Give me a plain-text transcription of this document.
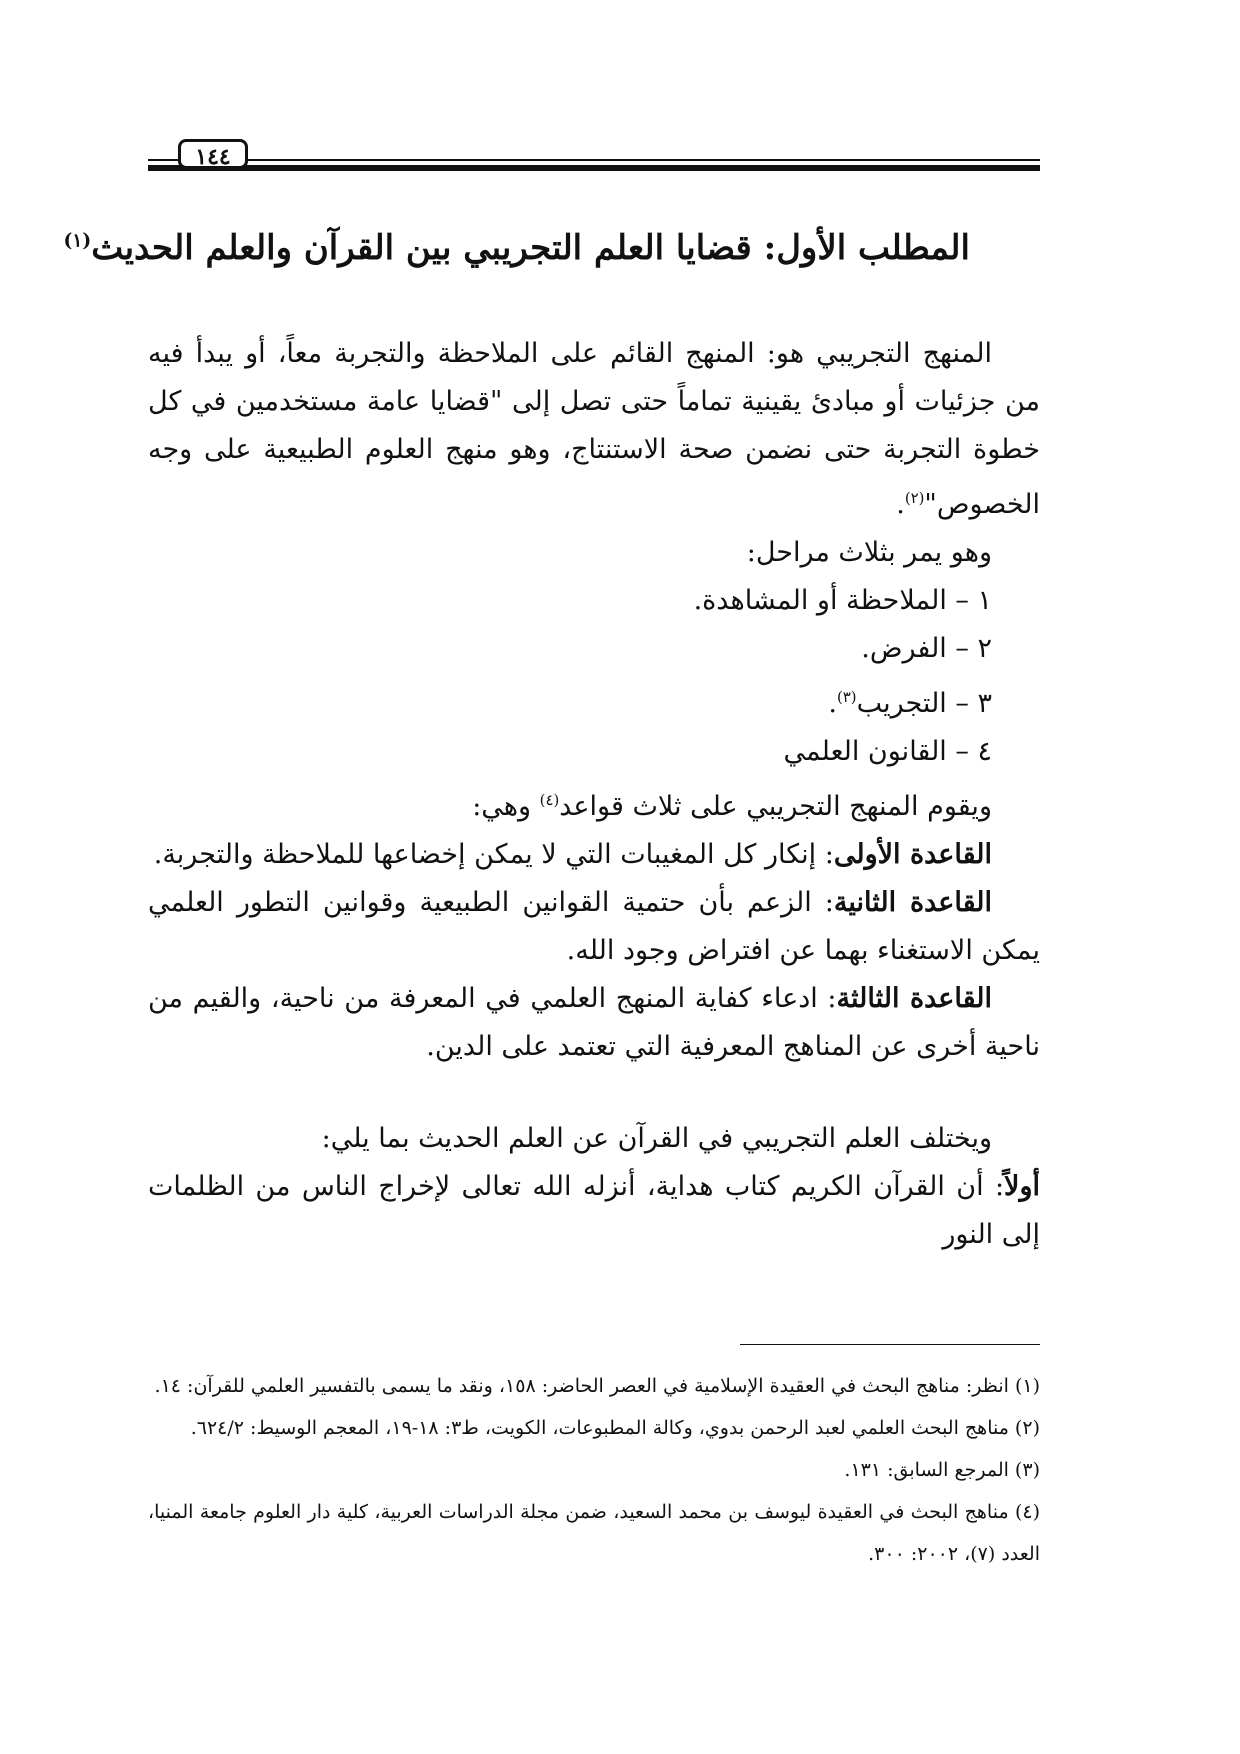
١٤٤
المطلب الأول: قضايا العلم التجريبي بين القرآن والعلم الحديث$^{(١)}$

المنهج التجريبي هو: المنهج القائم على الملاحظة والتجربة معاً، أو يبدأ فيه من جزئيات أو مبادئ يقينية تماماً حتى تصل إلى "قضايا عامة مستخدمين في كل خطوة التجربة حتى نضمن صحة الاستنتاج، وهو منهج العلوم الطبيعية على وجه الخصوص"$^{(٢)}$.

وهو يمر بثلاث مراحل:

١ – الملاحظة أو المشاهدة.

٢ – الفرض.

٣ – التجريب$^{(٣)}$.

٤ – القانون العلمي

ويقوم المنهج التجريبي على ثلاث قواعد$^{(٤)}$ وهي:

القاعدة الأولى: إنكار كل المغيبات التي لا يمكن إخضاعها للملاحظة والتجربة.

القاعدة الثانية: الزعم بأن حتمية القوانين الطبيعية وقوانين التطور العلمي يمكن الاستغناء بهما عن افتراض وجود الله.

القاعدة الثالثة: ادعاء كفاية المنهج العلمي في المعرفة من ناحية، والقيم من ناحية أخرى عن المناهج المعرفية التي تعتمد على الدين.

ويختلف العلم التجريبي في القرآن عن العلم الحديث بما يلي:

أولاً: أن القرآن الكريم كتاب هداية، أنزله الله تعالى لإخراج الناس من الظلمات إلى النور

(١) انظر: مناهج البحث في العقيدة الإسلامية في العصر الحاضر: ١٥٨، ونقد ما يسمى بالتفسير العلمي للقرآن: ١٤.

(٢) مناهج البحث العلمي لعبد الرحمن بدوي، وكالة المطبوعات، الكويت، ط٣: ١٨-١٩، المعجم الوسيط: ٦٢٤/٢.

(٣) المرجع السابق: ١٣١.

(٤) مناهج البحث في العقيدة ليوسف بن محمد السعيد، ضمن مجلة الدراسات العربية، كلية دار العلوم جامعة المنيا، العدد (٧)، ٢٠٠٢: ٣٠٠.
